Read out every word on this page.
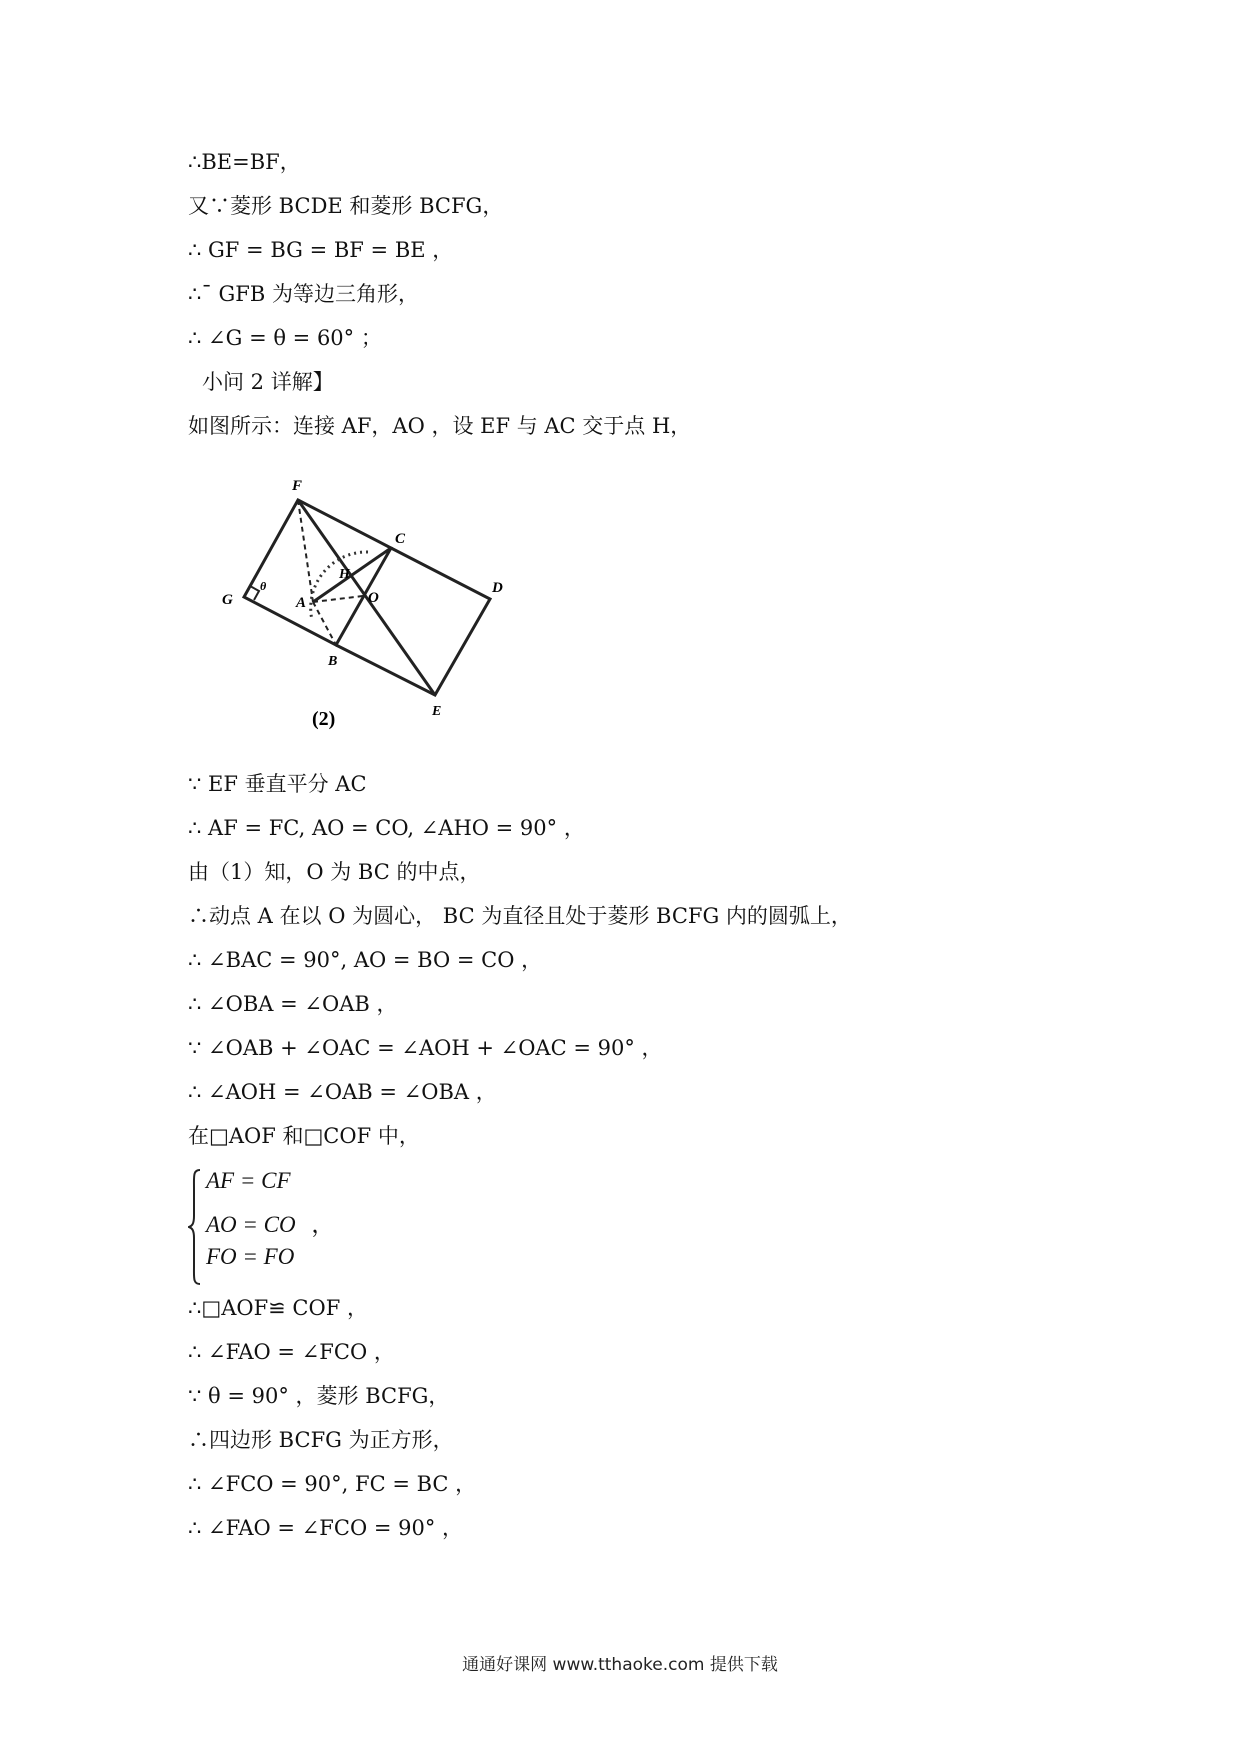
∴BE=BF，
又∵菱形 BCDE 和菱形 BCFG，
∴ GF = BG = BF = BE ，
∴¯ GFB 为等边三角形，
∴ ∠G = θ = 60° ；
小问 2 详解】
如图所示：连接 AF，AO ，设 EF 与 AC 交于点 H，
F
C
H
G
θ
A	O
D
B
E
(2)
∵ EF 垂直平分 AC
∴ AF = FC, AO = CO, ∠AHO = 90° ，
由（1）知，O 为 BC 的中点，
∴动点 A 在以 O 为圆心， BC 为直径且处于菱形 BCFG 内的圆弧上，
∴ ∠BAC = 90°, AO = BO = CO ，
∴ ∠OBA = ∠OAB ，
∵ ∠OAB + ∠OAC = ∠AOH + ∠OAC = 90° ，
∴ ∠AOH = ∠OAB = ∠OBA ，
在□AOF 和□COF 中，
AF = CF
AO = CO ，
FO = FO
∴□AOF≌ COF ，
∴ ∠FAO = ∠FCO ，
∵ θ = 90° ，菱形 BCFG，
∴四边形 BCFG 为正方形，
∴ ∠FCO = 90°, FC = BC ，
∴ ∠FAO = ∠FCO = 90° ，
通通好课网 www.tthaoke.com 提供下载
